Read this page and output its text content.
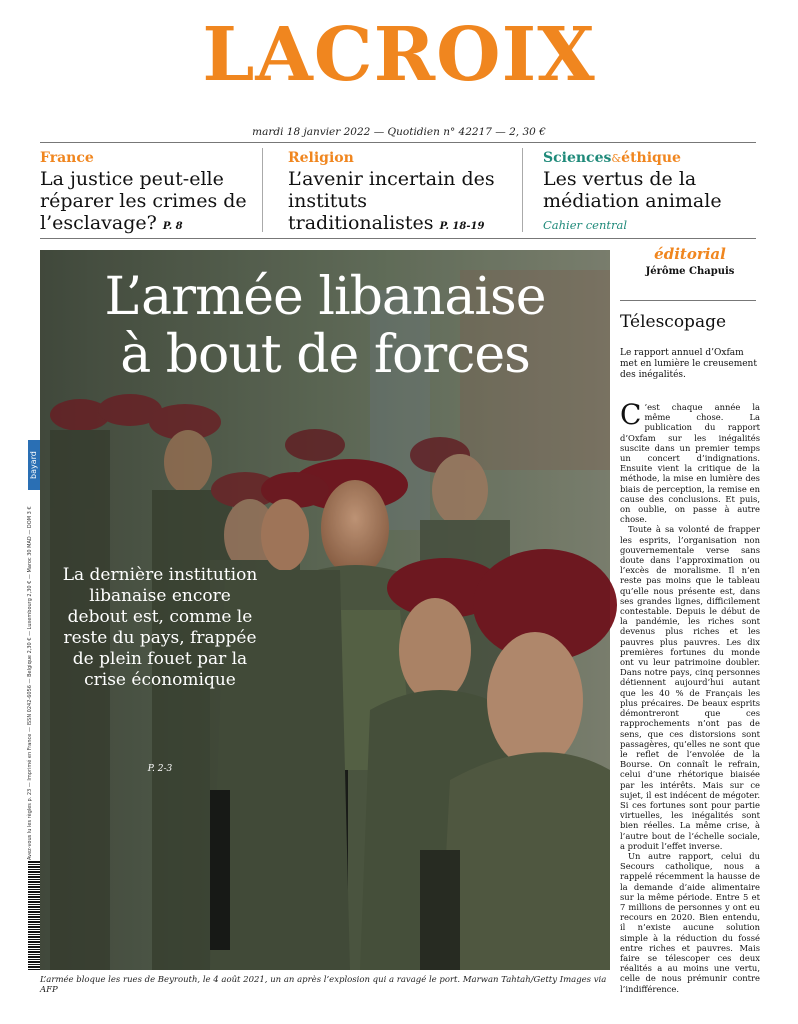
LACROIX
mardi 18 janvier 2022 — Quotidien n° 42217 — 2, 30 €
France
La justice peut-elle réparer les crimes de l’esclavage? P. 8
Religion
L’avenir incertain des instituts traditionalistes P. 18-19
Sciences&éthique
Les vertus de la médiation animale Cahier central
L’armée libanaise
à bout de forces
La dernière institution libanaise encore debout est, comme le reste du pays, frappée de plein fouet par la crise économique
P. 2-3
L’armée bloque les rues de Beyrouth, le 4 août 2021, un an après l’explosion qui a ravagé le port. Marwan Tahtah/Getty Images via AFP
bayard
Avez-vous lu les règles p. 23 — Imprimé en France — ISSN 0242-6056 — Belgique 2,30 € — Luxembourg 2,30 € — Maroc 30 MAD — DOM 3 €
éditorial
Jérôme Chapuis
Télescopage
Le rapport annuel d’Oxfam met en lumière le creusement des inégalités.

C ’est chaque année la même chose. La publication du rapport d’Oxfam sur les inégalités suscite dans un premier temps un concert d’indignations. Ensuite vient la critique de la méthode, la mise en lumière des biais de perception, la remise en cause des conclusions. Et puis, on oublie, on passe à autre chose.

Toute à sa volonté de frapper les esprits, l’organisation non gouvernementale verse sans doute dans l’approximation ou l’excès de moralisme. Il n’en reste pas moins que le tableau qu’elle nous présente est, dans ses grandes lignes, difficilement contestable. Depuis le début de la pandémie, les riches sont devenus plus riches et les pauvres plus pauvres. Les dix premières fortunes du monde ont vu leur patrimoine doubler. Dans notre pays, cinq personnes détiennent aujourd’hui autant que les 40 % de Français les plus précaires. De beaux esprits démontreront que ces rapprochements n’ont pas de sens, que ces distorsions sont passagères, qu’elles ne sont que le reflet de l’envolée de la Bourse. On connaît le refrain, celui d’une rhétorique biaisée par les intérêts. Mais sur ce sujet, il est indécent de mégoter. Si ces fortunes sont pour partie virtuelles, les inégalités sont bien réelles. La même crise, à l’autre bout de l’échelle sociale, a produit l’effet inverse.

Un autre rapport, celui du Secours catholique, nous a rappelé récemment la hausse de la demande d’aide alimentaire sur la même période. Entre 5 et 7 millions de personnes y ont eu recours en 2020. Bien entendu, il n’existe aucune solution simple à la réduction du fossé entre riches et pauvres. Mais faire se télescoper ces deux réalités a au moins une vertu, celle de nous prémunir contre l’indifférence.
